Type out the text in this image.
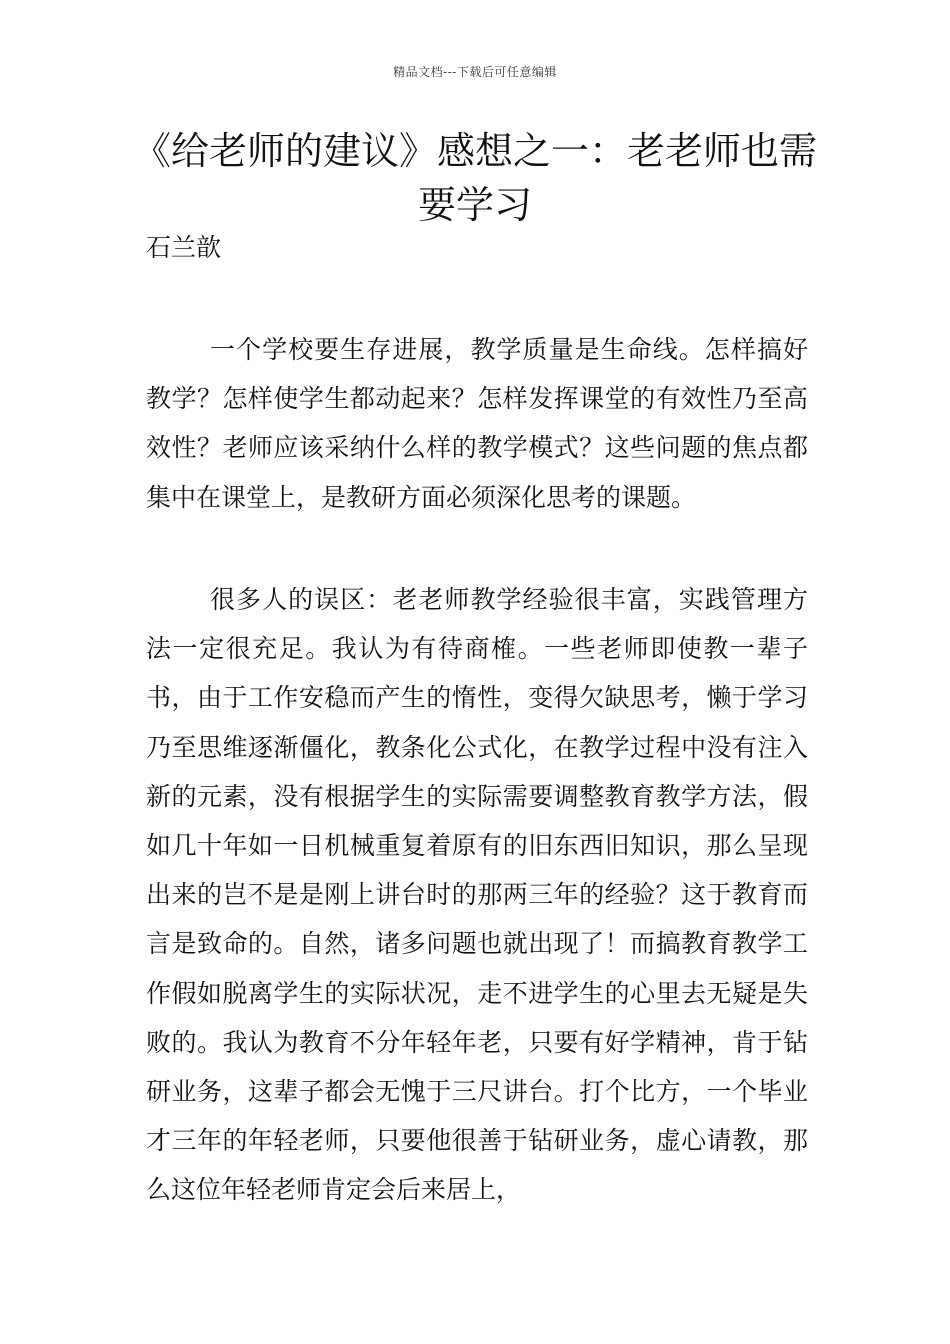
精品文档---下载后可任意编辑
《给老师的建议》感想之一：老老师也需要学习
石兰歆

一个学校要生存进展，教学质量是生命线。怎样搞好教学？怎样使学生都动起来？怎样发挥课堂的有效性乃至高效性？老师应该采纳什么样的教学模式？这些问题的焦点都集中在课堂上，是教研方面必须深化思考的课题。

很多人的误区：老老师教学经验很丰富，实践管理方法一定很充足。我认为有待商榷。一些老师即使教一辈子书，由于工作安稳而产生的惰性，变得欠缺思考，懒于学习乃至思维逐渐僵化，教条化公式化，在教学过程中没有注入新的元素，没有根据学生的实际需要调整教育教学方法，假如几十年如一日机械重复着原有的旧东西旧知识，那么呈现出来的岂不是是刚上讲台时的那两三年的经验？这于教育而言是致命的。自然，诸多问题也就出现了！而搞教育教学工作假如脱离学生的实际状况，走不进学生的心里去无疑是失败的。我认为教育不分年轻年老，只要有好学精神，肯于钻研业务，这辈子都会无愧于三尺讲台。打个比方，一个毕业才三年的年轻老师，只要他很善于钻研业务，虚心请教，那么这位年轻老师肯定会后来居上，
